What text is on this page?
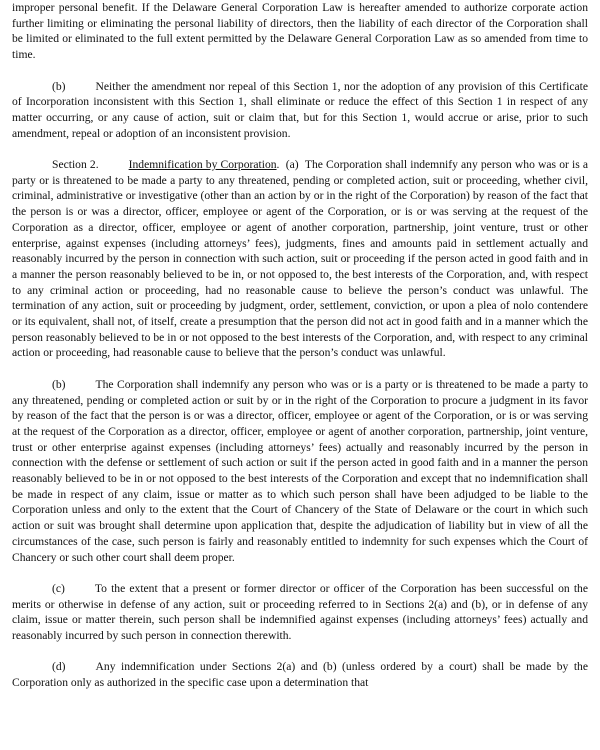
improper personal benefit. If the Delaware General Corporation Law is hereafter amended to authorize corporate action further limiting or eliminating the personal liability of directors, then the liability of each director of the Corporation shall be limited or eliminated to the full extent permitted by the Delaware General Corporation Law as so amended from time to time.

(b)	Neither the amendment nor repeal of this Section 1, nor the adoption of any provision of this Certificate of Incorporation inconsistent with this Section 1, shall eliminate or reduce the effect of this Section 1 in respect of any matter occurring, or any cause of action, suit or claim that, but for this Section 1, would accrue or arise, prior to such amendment, repeal or adoption of an inconsistent provision.

Section 2.	Indemnification by Corporation.  (a) The Corporation shall indemnify any person who was or is a party or is threatened to be made a party to any threatened, pending or completed action, suit or proceeding, whether civil, criminal, administrative or investigative (other than an action by or in the right of the Corporation) by reason of the fact that the person is or was a director, officer, employee or agent of the Corporation, or is or was serving at the request of the Corporation as a director, officer, employee or agent of another corporation, partnership, joint venture, trust or other enterprise, against expenses (including attorneys’ fees), judgments, fines and amounts paid in settlement actually and reasonably incurred by the person in connection with such action, suit or proceeding if the person acted in good faith and in a manner the person reasonably believed to be in, or not opposed to, the best interests of the Corporation, and, with respect to any criminal action or proceeding, had no reasonable cause to believe the person’s conduct was unlawful. The termination of any action, suit or proceeding by judgment, order, settlement, conviction, or upon a plea of nolo contendere or its equivalent, shall not, of itself, create a presumption that the person did not act in good faith and in a manner which the person reasonably believed to be in or not opposed to the best interests of the Corporation, and, with respect to any criminal action or proceeding, had reasonable cause to believe that the person’s conduct was unlawful.

(b)	The Corporation shall indemnify any person who was or is a party or is threatened to be made a party to any threatened, pending or completed action or suit by or in the right of the Corporation to procure a judgment in its favor by reason of the fact that the person is or was a director, officer, employee or agent of the Corporation, or is or was serving at the request of the Corporation as a director, officer, employee or agent of another corporation, partnership, joint venture, trust or other enterprise against expenses (including attorneys’ fees) actually and reasonably incurred by the person in connection with the defense or settlement of such action or suit if the person acted in good faith and in a manner the person reasonably believed to be in or not opposed to the best interests of the Corporation and except that no indemnification shall be made in respect of any claim, issue or matter as to which such person shall have been adjudged to be liable to the Corporation unless and only to the extent that the Court of Chancery of the State of Delaware or the court in which such action or suit was brought shall determine upon application that, despite the adjudication of liability but in view of all the circumstances of the case, such person is fairly and reasonably entitled to indemnity for such expenses which the Court of Chancery or such other court shall deem proper.

(c)	To the extent that a present or former director or officer of the Corporation has been successful on the merits or otherwise in defense of any action, suit or proceeding referred to in Sections 2(a) and (b), or in defense of any claim, issue or matter therein, such person shall be indemnified against expenses (including attorneys’ fees) actually and reasonably incurred by such person in connection therewith.

(d)	Any indemnification under Sections 2(a) and (b) (unless ordered by a court) shall be made by the Corporation only as authorized in the specific case upon a determination that
